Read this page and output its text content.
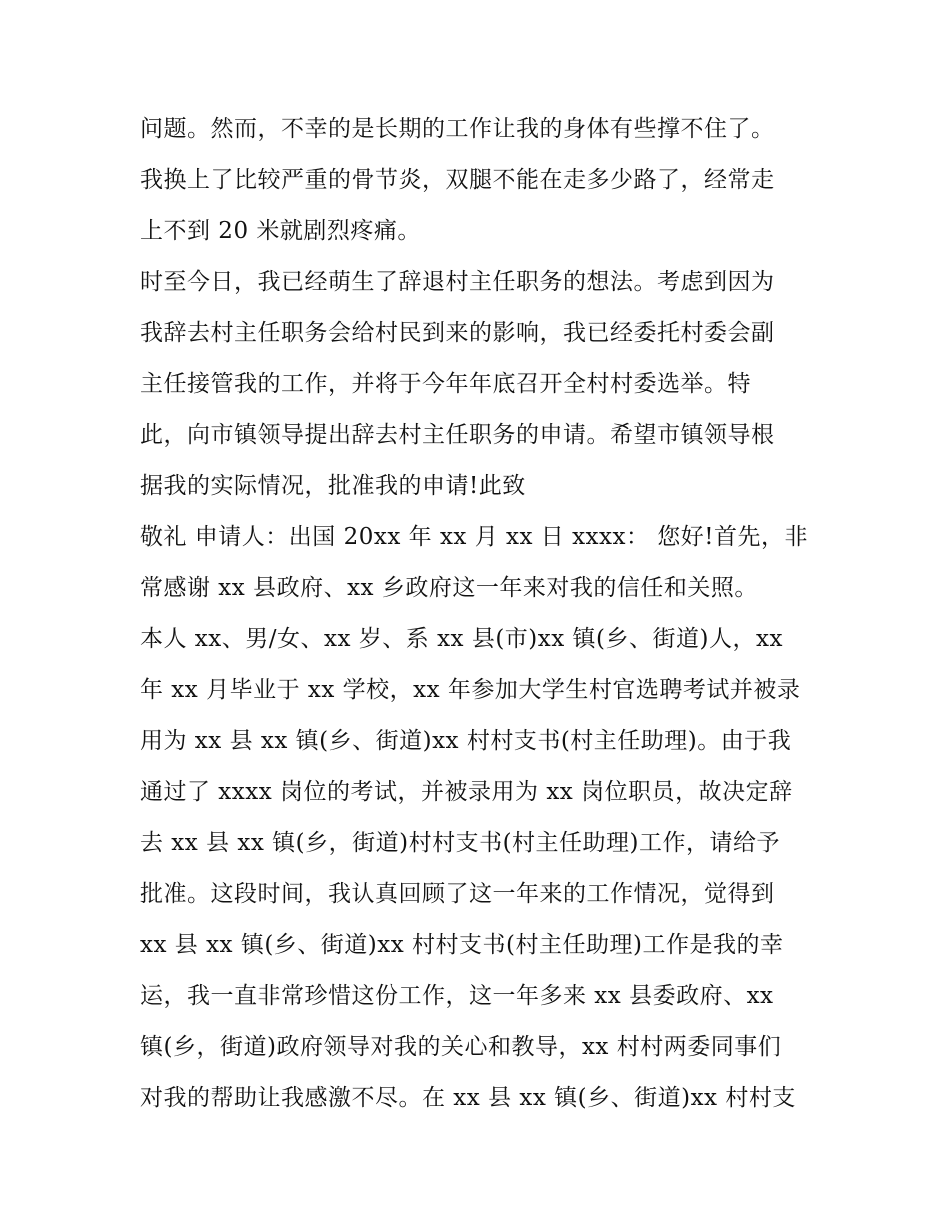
问题。然而，不幸的是长期的工作让我的身体有些撑不住了。
我换上了比较严重的骨节炎，双腿不能在走多少路了，经常走
上不到 20 米就剧烈疼痛。
时至今日，我已经萌生了辞退村主任职务的想法。考虑到因为
我辞去村主任职务会给村民到来的影响，我已经委托村委会副
主任接管我的工作，并将于今年年底召开全村村委选举。特
此，向市镇领导提出辞去村主任职务的申请。希望市镇领导根
据我的实际情况，批准我的申请!此致
敬礼 申请人：出国 20xx 年 xx 月 xx 日 xxxx： 您好!首先，非
常感谢 xx 县政府、xx 乡政府这一年来对我的信任和关照。
本人 xx、男/女、xx 岁、系 xx 县(市)xx 镇(乡、街道)人，xx
年 xx 月毕业于 xx 学校，xx 年参加大学生村官选聘考试并被录
用为 xx 县 xx 镇(乡、街道)xx 村村支书(村主任助理)。由于我
通过了 xxxx 岗位的考试，并被录用为 xx 岗位职员，故决定辞
去 xx 县 xx 镇(乡，街道)村村支书(村主任助理)工作，请给予
批准。这段时间，我认真回顾了这一年来的工作情况，觉得到
xx 县 xx 镇(乡、街道)xx 村村支书(村主任助理)工作是我的幸
运，我一直非常珍惜这份工作，这一年多来 xx 县委政府、xx
镇(乡，街道)政府领导对我的关心和教导，xx 村村两委同事们
对我的帮助让我感激不尽。在 xx 县 xx 镇(乡、街道)xx 村村支
